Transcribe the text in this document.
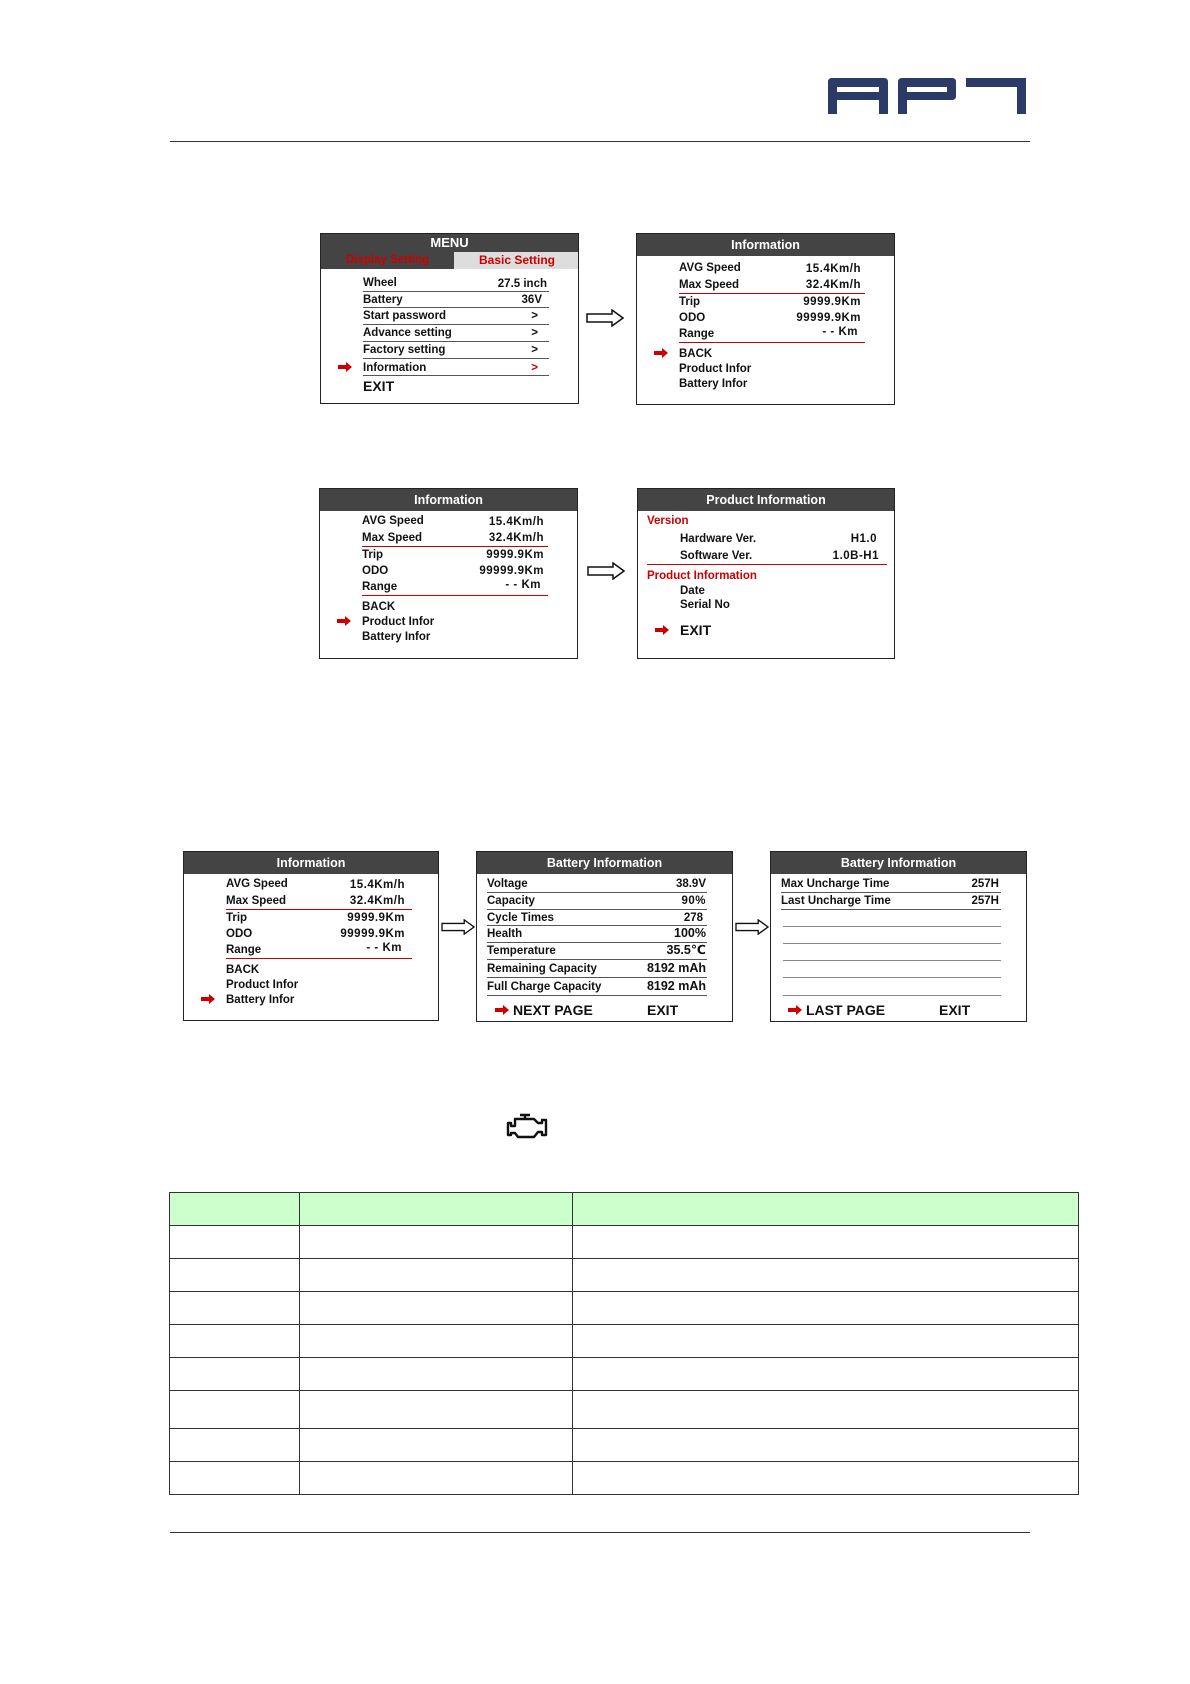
MENU
Display Setting	Basic Setting
Wheel	27.5 inch
Battery	36V
Start password	>
Advance setting	>
Factory setting	>
Information	>
EXIT
Information
AVG Speed	15.4Km/h
Max Speed	32.4Km/h
Trip	9999.9Km
ODO	99999.9Km
Range	- - Km
BACK
Product Infor
Battery Infor
Information
AVG Speed	15.4Km/h
Max Speed	32.4Km/h
Trip	9999.9Km
ODO	99999.9Km
Range	- - Km
BACK
Product Infor
Battery Infor
Product Information
Version
Hardware Ver.	H1.0
Software Ver.	1.0B-H1
Product Information
Date
Serial No
EXIT
Information
AVG Speed	15.4Km/h
Max Speed	32.4Km/h
Trip	9999.9Km
ODO	99999.9Km
Range	- - Km
BACK
Product Infor
Battery Infor
Battery Information
Voltage	38.9V
Capacity	90%
Cycle Times	278
Health	100%
Temperature	35.5℃
Remaining Capacity	8192 mAh
Full Charge Capacity	8192 mAh
NEXT PAGE	EXIT
Battery Information
Max Uncharge Time	257H
Last Uncharge Time	257H
LAST PAGE	EXIT
